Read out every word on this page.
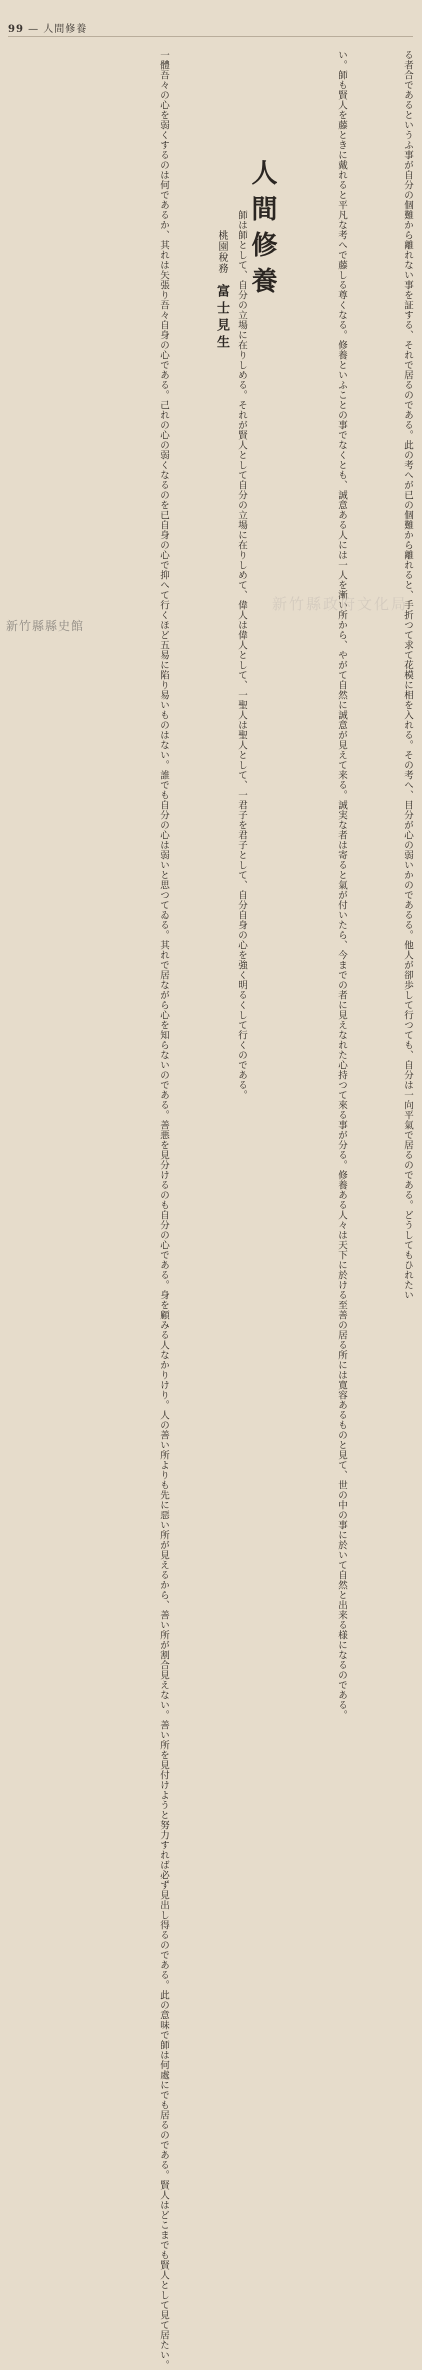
99 — 人間修養
る者合であるというふ事が自分の個難から離れない事を証する、それで居るのである。此の考へが已の個難から離れると、手折つて求て花模に相を入れる。その考へ、目分が心の弱いかのであるる。他人が卻歩して行つても、自分は一向平氣で居るのである。どうしてもひれたい
い。師も賢人を藤ときに戴れると平凡な考へで藤しる尊くなる。修養といふことの事でなくとも、誠意ある人には一人を漸い所から、やがて自然に誠意が見えて来る。誠実な者は寄ると氣が付いたら、今までの者に見えなれた心持つて來る事が分る。修養ある人々は天下に於ける至善の居る所には寛容あるものと見て、世の中の事に於いて自然と出来る様になるのである。
人間修養
桃園稅務 富士見生 師は師として、自分の立場に在りしめる。それが賢人として自分の立場に在りしめて、偉人は偉人として、一聖人は聖人として、一君子を君子として、自分自身の心を強く明るくして行くのである。
一體吾々の心を弱くするのは何であるか、其れは矢張り吾々自身の心である。己れの心の弱くなるのを已自身の心で抑へて行くほど五易に陷り易いものはない。誰でも自分の心は弱いと思つてゐる。其れで居ながら心を知らないのである。善悪を見分けるのも自分の心である。身を顧みる人なかりけり。人の善い所よりも先に惡い所が見えるから、善い所が割合見えない。善い所を見付けようと努力すれば必ず見出し得るのである。此の意味で師は何處にでも居るのである。賢人はどこまでも賢人として見て居たい。	新竹縣政府文化局
新竹縣縣史館
